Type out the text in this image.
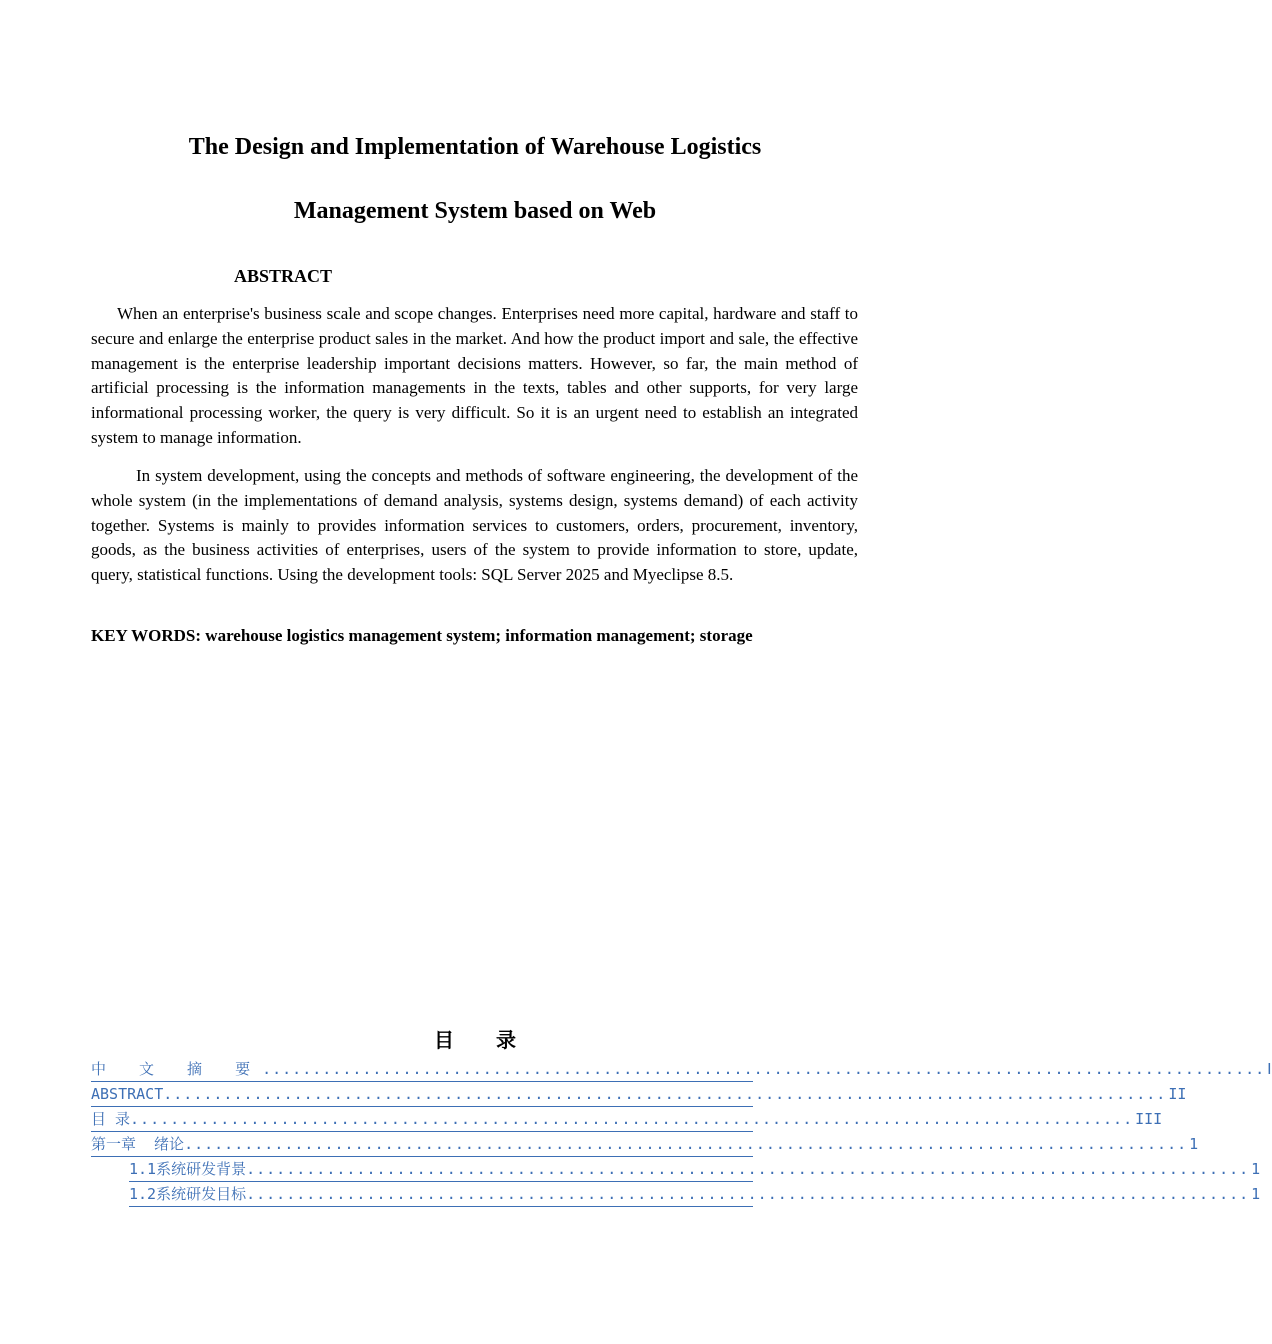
The Design and Implementation of Warehouse Logistics
Management System based on Web
ABSTRACT

When an enterprise's business scale and scope changes. Enterprises need more capital, hardware and staff to secure and enlarge the enterprise product sales in the market. And how the product import and sale, the effective management is the enterprise leadership important decisions matters. However, so far, the main method of artificial processing is the information managements in the texts, tables and other supports, for very large informational processing worker, the query is very difficult. So it is an urgent need to establish an integrated system to manage information.

In system development, using the concepts and methods of software engineering, the development of the whole system (in the implementations of demand analysis, systems design, systems demand) of each activity together. Systems is mainly to provides information services to customers, orders, procurement, inventory, goods, as the business activities of enterprises, users of the system to provide information to store, update, query, statistical functions. Using the development tools: SQL Server 2025 and Myeclipse 8.5.

KEY WORDS: warehouse logistics management system; information management; storage
目 录
中 文 摘 要 .................................................................................................... Ⅰ
ABSTRACT .................................................................................................... II
目 录 .................................................................................................... III
第一章  绪论 .................................................................................................... 1
1.1系统研发背景 .................................................................................................... 1
1.2系统研发目标 .................................................................................................... 1
